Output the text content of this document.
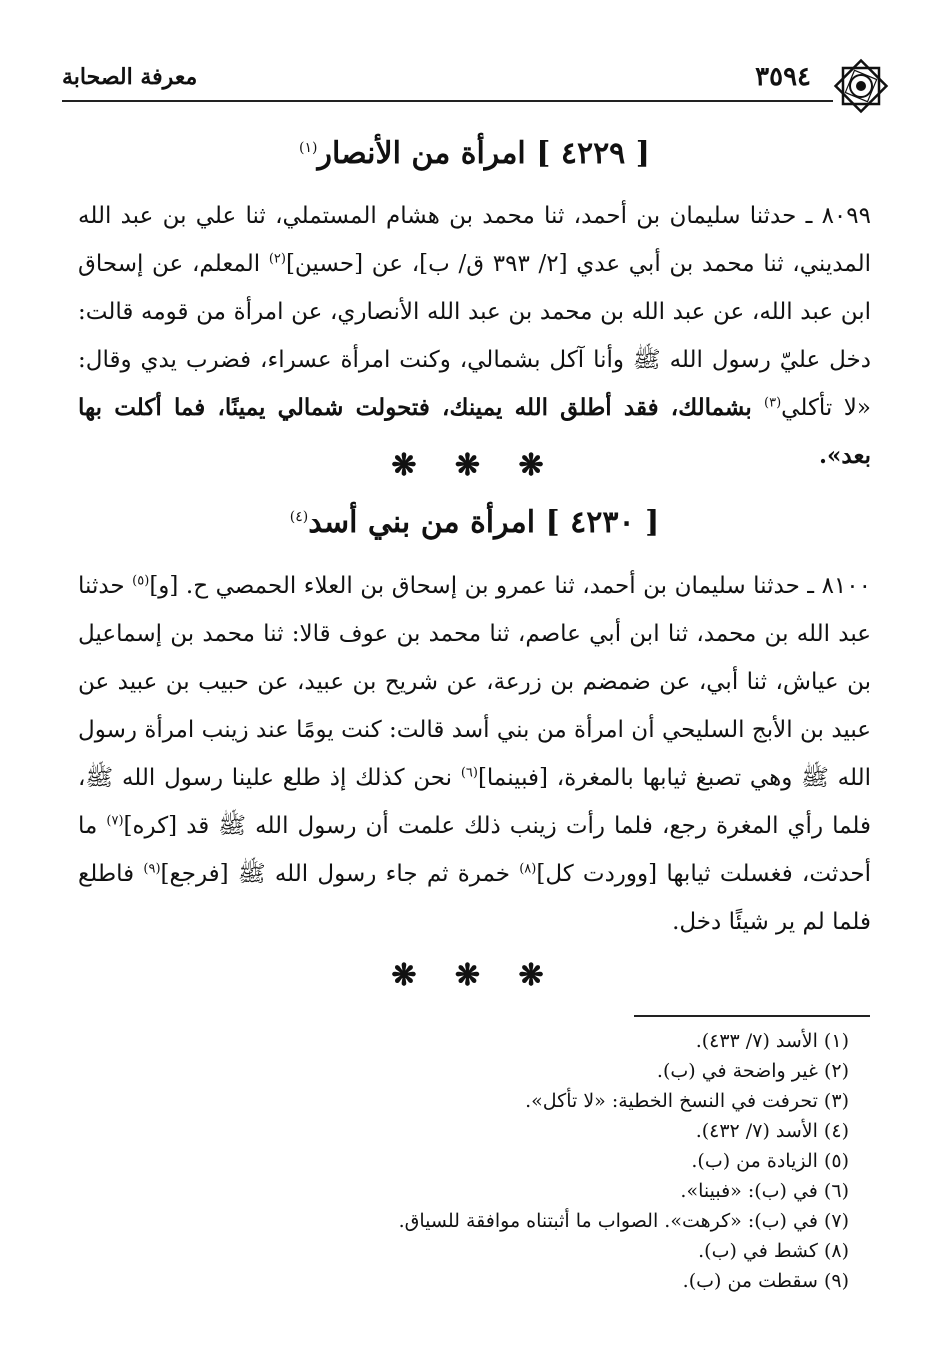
٣٥٩٤
معرفة الصحابة
[ ٤٢٢٩ ] امرأة من الأنصار$^{(١)}$

٨٠٩٩ ـ حدثنا سليمان بن أحمد، ثنا محمد بن هشام المستملي، ثنا علي بن عبد الله المديني، ثنا محمد بن أبي عدي [٢/ ٣٩٣ ق/ ب]، عن [حسين]$^{(٢)}$ المعلم، عن إسحاق ابن عبد الله، عن عبد الله بن محمد بن عبد الله الأنصاري، عن امرأة من قومه قالت: دخل عليّ رسول الله ﷺ وأنا آكل بشمالي، وكنت امرأة عسراء، فضرب يدي وقال: «لا تأكلي$^{(٣)}$ بشمالك، فقد أطلق الله يمينك، فتحولت شمالي يمينًا، فما أكلت بها بعد».

❋ ❋ ❋
[ ٤٢٣٠ ] امرأة من بني أسد$^{(٤)}$

٨١٠٠ ـ حدثنا سليمان بن أحمد، ثنا عمرو بن إسحاق بن العلاء الحمصي ح. [و]$^{(٥)}$ حدثنا عبد الله بن محمد، ثنا ابن أبي عاصم، ثنا محمد بن عوف قالا: ثنا محمد بن إسماعيل بن عياش، ثنا أبي، عن ضمضم بن زرعة، عن شريح بن عبيد، عن حبيب بن عبيد عن عبيد بن الأبج السليحي أن امرأة من بني أسد قالت: كنت يومًا عند زينب امرأة رسول الله ﷺ وهي تصبغ ثيابها بالمغرة، [فبينما]$^{(٦)}$ نحن كذلك إذ طلع علينا رسول الله ﷺ، فلما رأي المغرة رجع، فلما رأت زينب ذلك علمت أن رسول الله ﷺ قد [كره]$^{(٧)}$ ما أحدثت، فغسلت ثيابها [ووردت كل]$^{(٨)}$ خمرة ثم جاء رسول الله ﷺ [فرجع]$^{(٩)}$ فاطلع فلما لم ير شيئًا دخل.

❋ ❋ ❋
(١) الأسد (٧/ ٤٣٣).
(٢) غير واضحة في (ب).
(٣) تحرفت في النسخ الخطية: «لا تأكل».
(٤) الأسد (٧/ ٤٣٢).
(٥) الزيادة من (ب).
(٦) في (ب): «فبينا».
(٧) في (ب): «كرهت». الصواب ما أثبتناه موافقة للسياق.
(٨) كشط في (ب).
(٩) سقطت من (ب).
